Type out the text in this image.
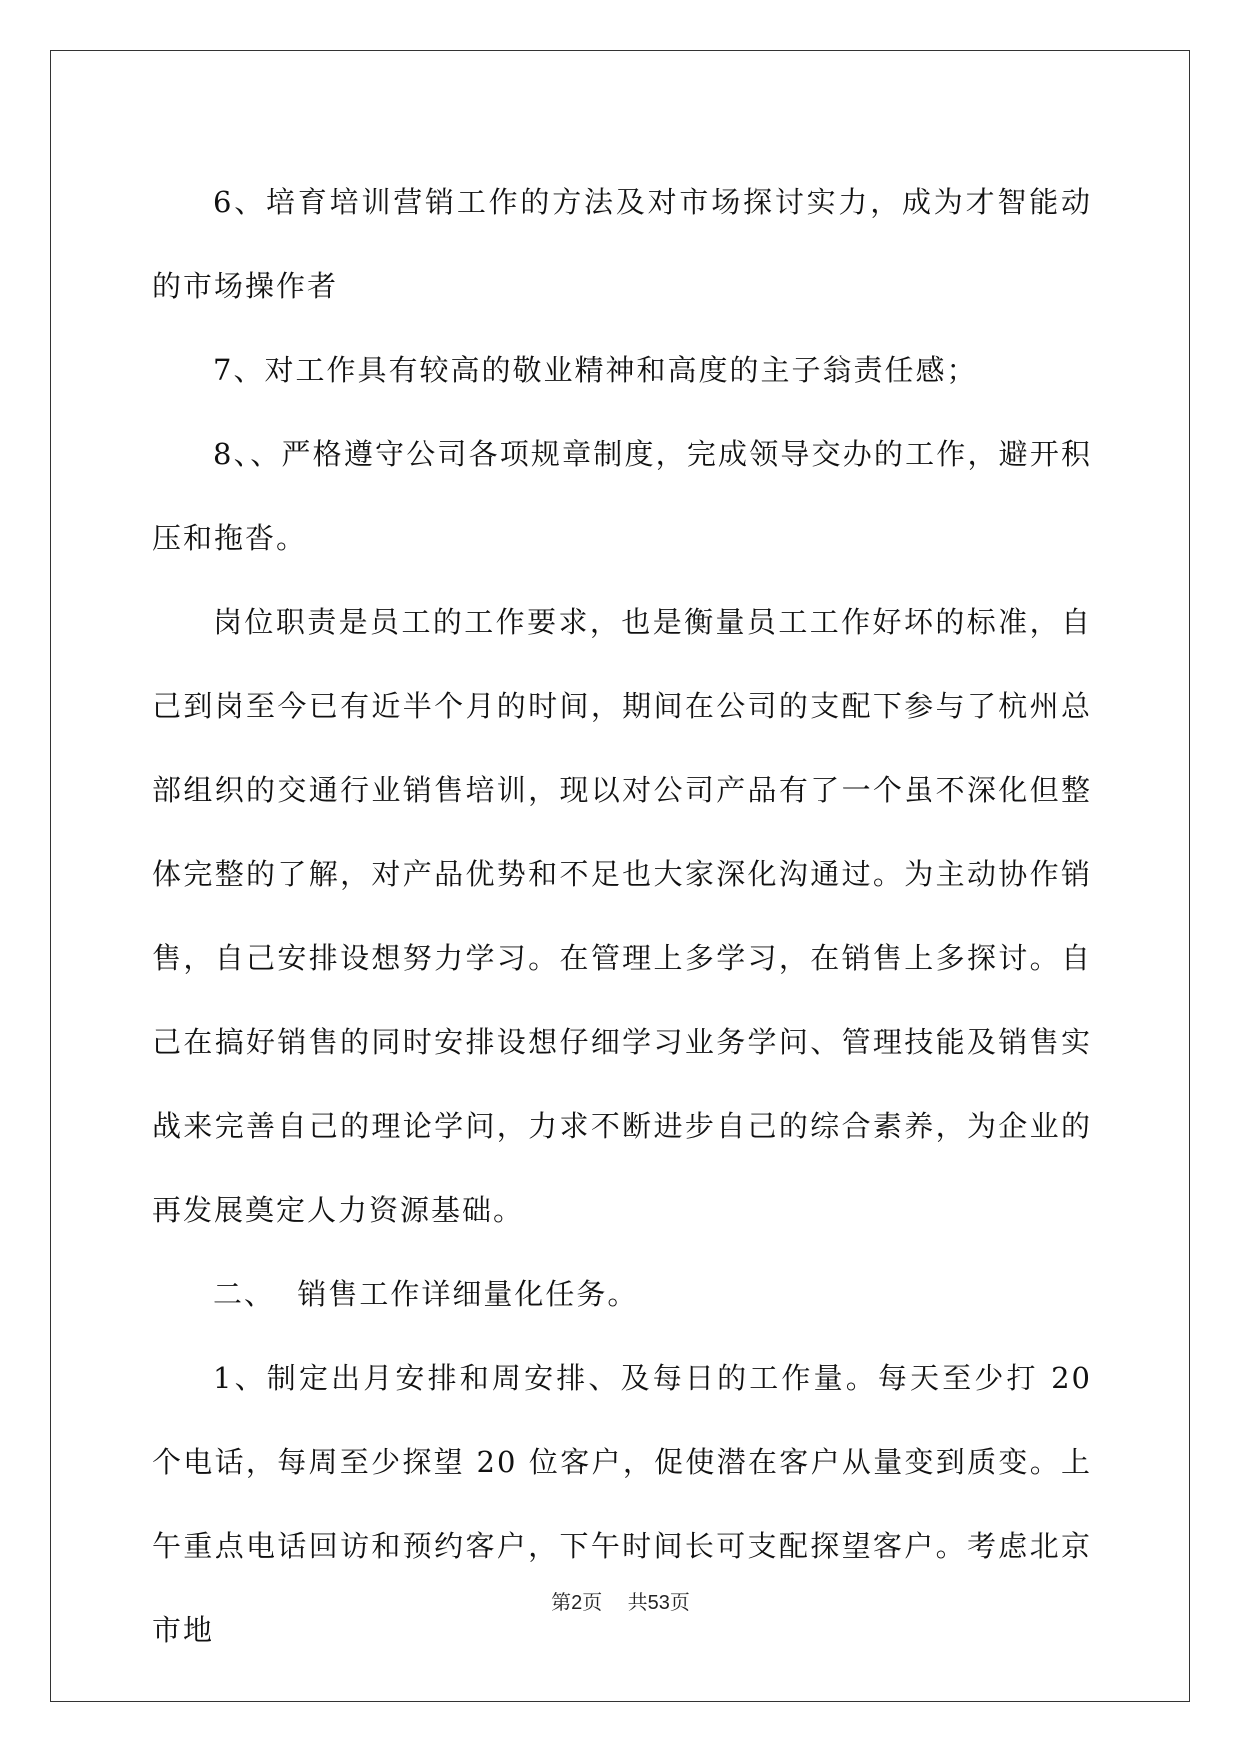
6、培育培训营销工作的方法及对市场探讨实力，成为才智能动的市场操作者

7、对工作具有较高的敬业精神和高度的主子翁责任感；

8、、严格遵守公司各项规章制度，完成领导交办的工作，避开积压和拖沓。

岗位职责是员工的工作要求，也是衡量员工工作好坏的标准，自己到岗至今已有近半个月的时间，期间在公司的支配下参与了杭州总部组织的交通行业销售培训，现以对公司产品有了一个虽不深化但整体完整的了解，对产品优势和不足也大家深化沟通过。为主动协作销售，自己安排设想努力学习。在管理上多学习，在销售上多探讨。自己在搞好销售的同时安排设想仔细学习业务学问、管理技能及销售实战来完善自己的理论学问，力求不断进步自己的综合素养，为企业的再发展奠定人力资源基础。

二、  销售工作详细量化任务。

1、制定出月安排和周安排、及每日的工作量。每天至少打 20 个电话，每周至少探望 20 位客户，促使潜在客户从量变到质变。上午重点电话回访和预约客户，下午时间长可支配探望客户。考虑北京市地

第2页 共53页
